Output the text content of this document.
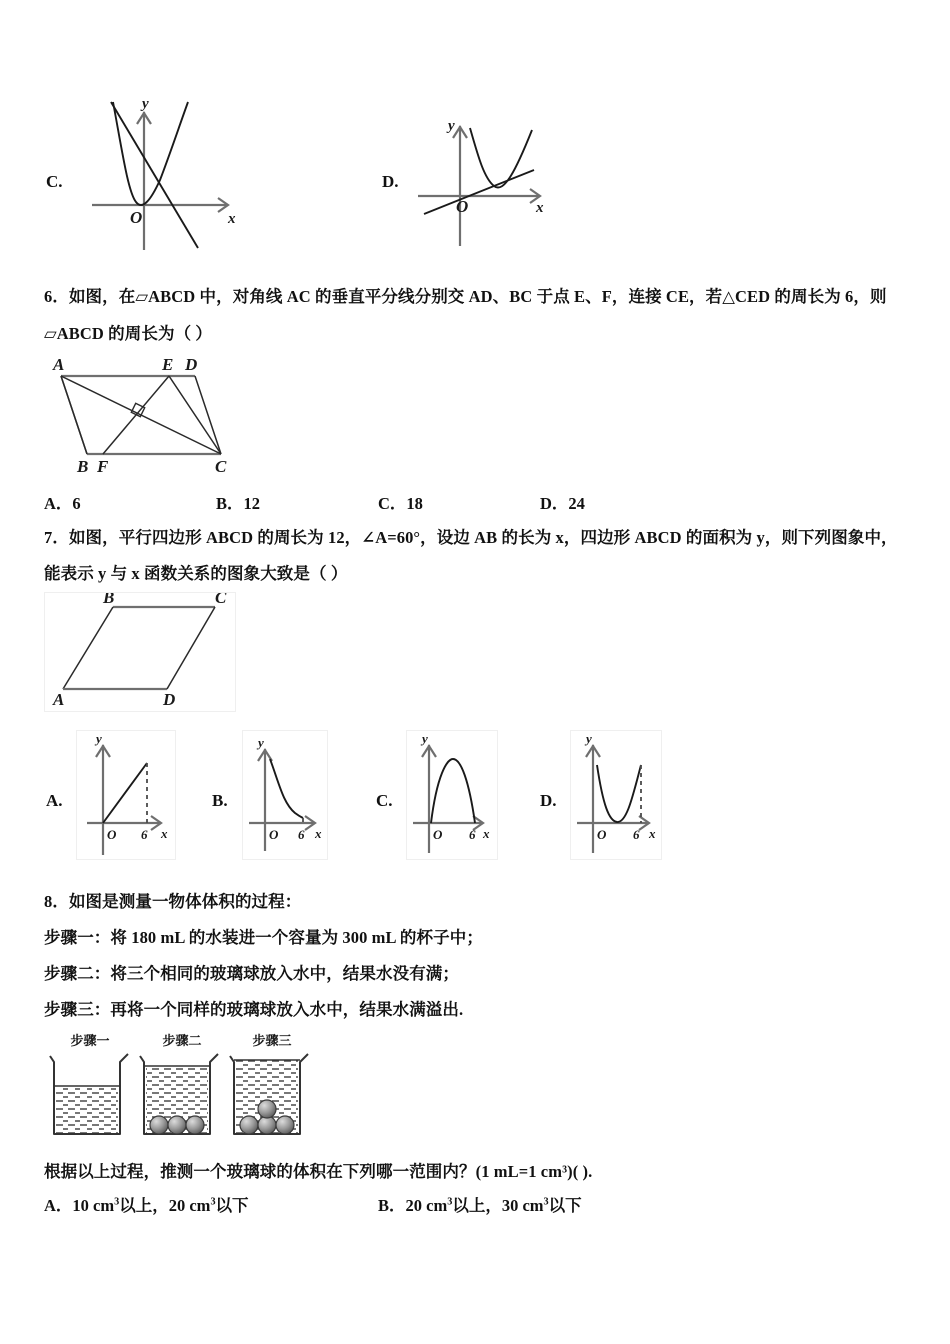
C.
y
x
O
D.
y
x
O
6．如图，在▱ABCD 中，对角线 AC 的垂直平分线分别交 AD、BC 于点 E、F，连接 CE，若△CED 的周长为 6，则
▱ABCD 的周长为（ ）
A	E D
B F	C
A．6	B．12	C．18	D．24
7．如图，平行四边形 ABCD 的周长为 12，∠A=60°，设边 AB 的长为 x，四边形 ABCD 的面积为 y，则下列图象中，
能表示 y 与 x 函数关系的图象大致是（ ）
B	C
A	D
A.
y
x
O 6
B.
y
x
O 6
C.
y
x
O 6
D.
y
x
O 6
8．如图是测量一物体体积的过程：
步骤一：将 180 mL 的水装进一个容量为 300 mL 的杯子中；
步骤二：将三个相同的玻璃球放入水中，结果水没有满；
步骤三：再将一个同样的玻璃球放入水中，结果水满溢出.
步骤一	步骤二	步骤三
根据以上过程，推测一个玻璃球的体积在下列哪一范围内？(1 mL=1 cm³)( ).
A．10 $cm^3$以上，20 $cm^3$以下	B．20 $cm^3$以上，30 $cm^3$以下
